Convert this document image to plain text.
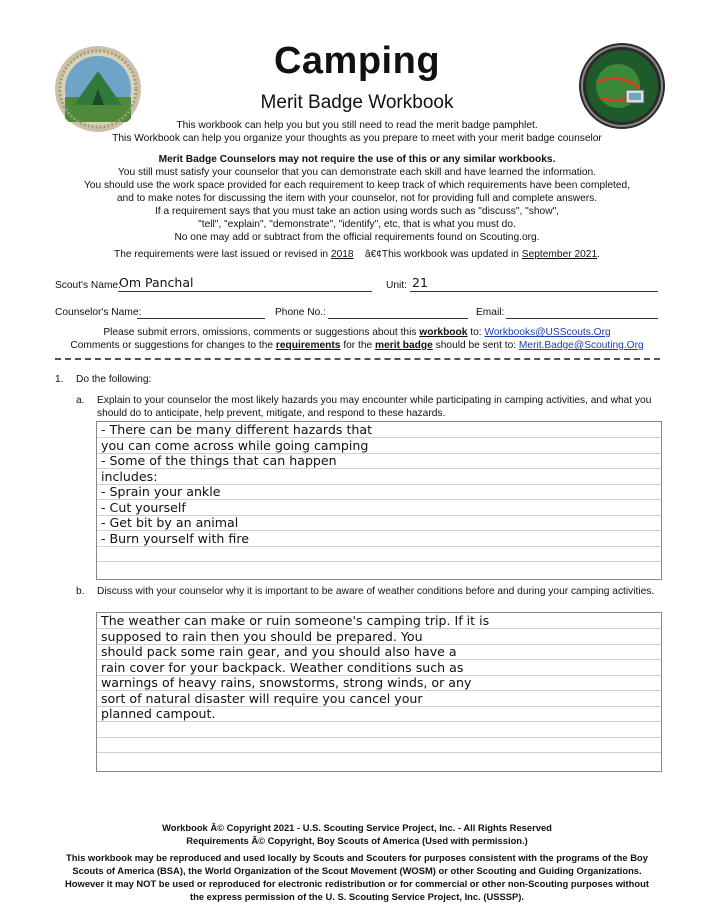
Camping
Merit Badge Workbook
This workbook can help you but you still need to read the merit badge pamphlet.
This Workbook can help you organize your thoughts as you prepare to meet with your merit badge counselor
Merit Badge Counselors may not require the use of this or any similar workbooks.
You still must satisfy your counselor that you can demonstrate each skill and have learned the information.
You should use the work space provided for each requirement to keep track of which requirements have been completed,
and to make notes for discussing the item with your counselor, not for providing full and complete answers.
If a requirement says that you must take an action using words such as "discuss", "show",
"tell", "explain", "demonstrate", "identify", etc, that is what you must do.
No one may add or subtract from the official requirements found on Scouting.org.
The requirements were last issued or revised in 2018 â€¢This workbook was updated in September 2021.
Scout's Name:
Om Panchal	Unit: 21
Counselor's Name:	Phone No.:	Email:
Please submit errors, omissions, comments or suggestions about this workbook to: Workbooks@USScouts.Org
Comments or suggestions for changes to the requirements for the merit badge should be sent to: Merit.Badge@Scouting.Org
1. Do the following:
a. Explain to your counselor the most likely hazards you may encounter while participating in camping activities, and what you should do to anticipate, help prevent, mitigate, and respond to these hazards.
- There can be many different hazards that
you can come across while going camping
- Some of the things that can happen
includes:
- Sprain your ankle
- Cut yourself
- Get bit by an animal
- Burn yourself with fire
b. Discuss with your counselor why it is important to be aware of weather conditions before and during your camping activities.
The weather can make or ruin someone's camping trip. If it is
supposed to rain then you should be prepared. You
should pack some rain gear, and you should also have a
rain cover for your backpack. Weather conditions such as
warnings of heavy rains, snowstorms, strong winds, or any
sort of natural disaster will require you cancel your
planned campout.
Workbook Â© Copyright 2021 - U.S. Scouting Service Project, Inc. - All Rights Reserved
Requirements Â© Copyright, Boy Scouts of America (Used with permission.)
This workbook may be reproduced and used locally by Scouts and Scouters for purposes consistent with the programs of the Boy
Scouts of America (BSA), the World Organization of the Scout Movement (WOSM) or other Scouting and Guiding Organizations.
However it may NOT be used or reproduced for electronic redistribution or for commercial or other non-Scouting purposes without
the express permission of the U. S. Scouting Service Project, Inc. (USSSP).
